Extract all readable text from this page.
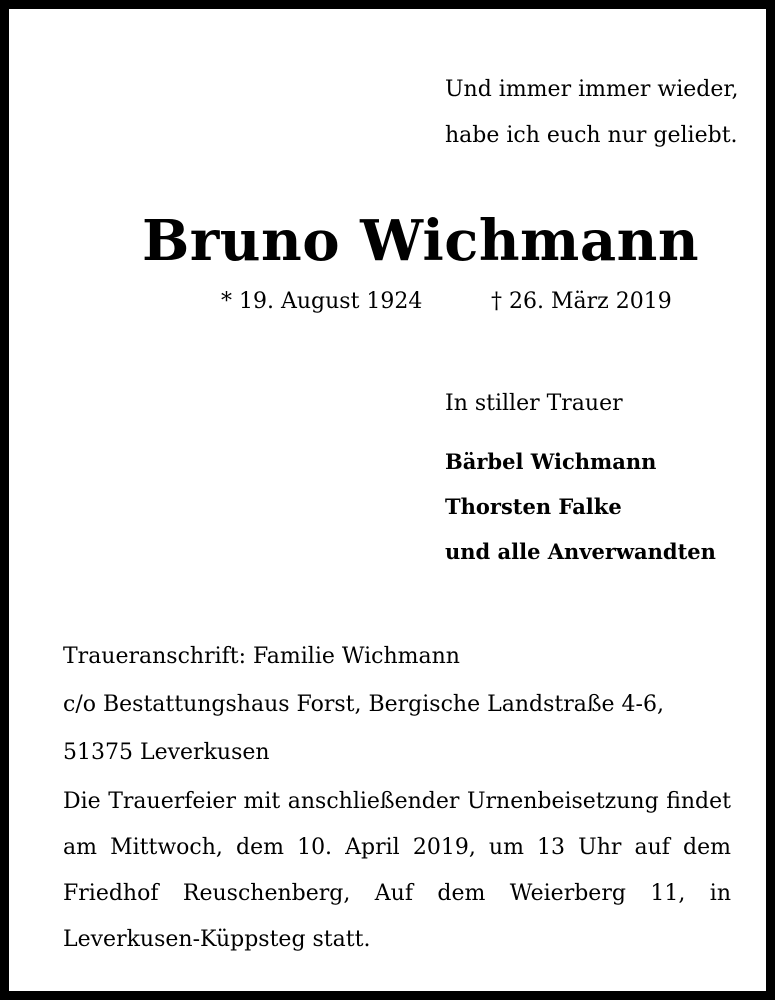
Und immer immer wieder,
habe ich euch nur geliebt.
Bruno Wichmann
* 19. August 1924	† 26. März 2019
In stiller Trauer
Bärbel Wichmann
Thorsten Falke
und alle Anverwandten
Traueranschrift: Familie Wichmann
c/o Bestattungshaus Forst, Bergische Landstraße 4-6,
51375 Leverkusen
Die Trauerfeier mit anschließender Urnenbeisetzung findet am Mittwoch, dem 10. April 2019, um 13 Uhr auf dem Friedhof Reuschenberg, Auf dem Weierberg 11, in Leverkusen-Küppsteg statt.
